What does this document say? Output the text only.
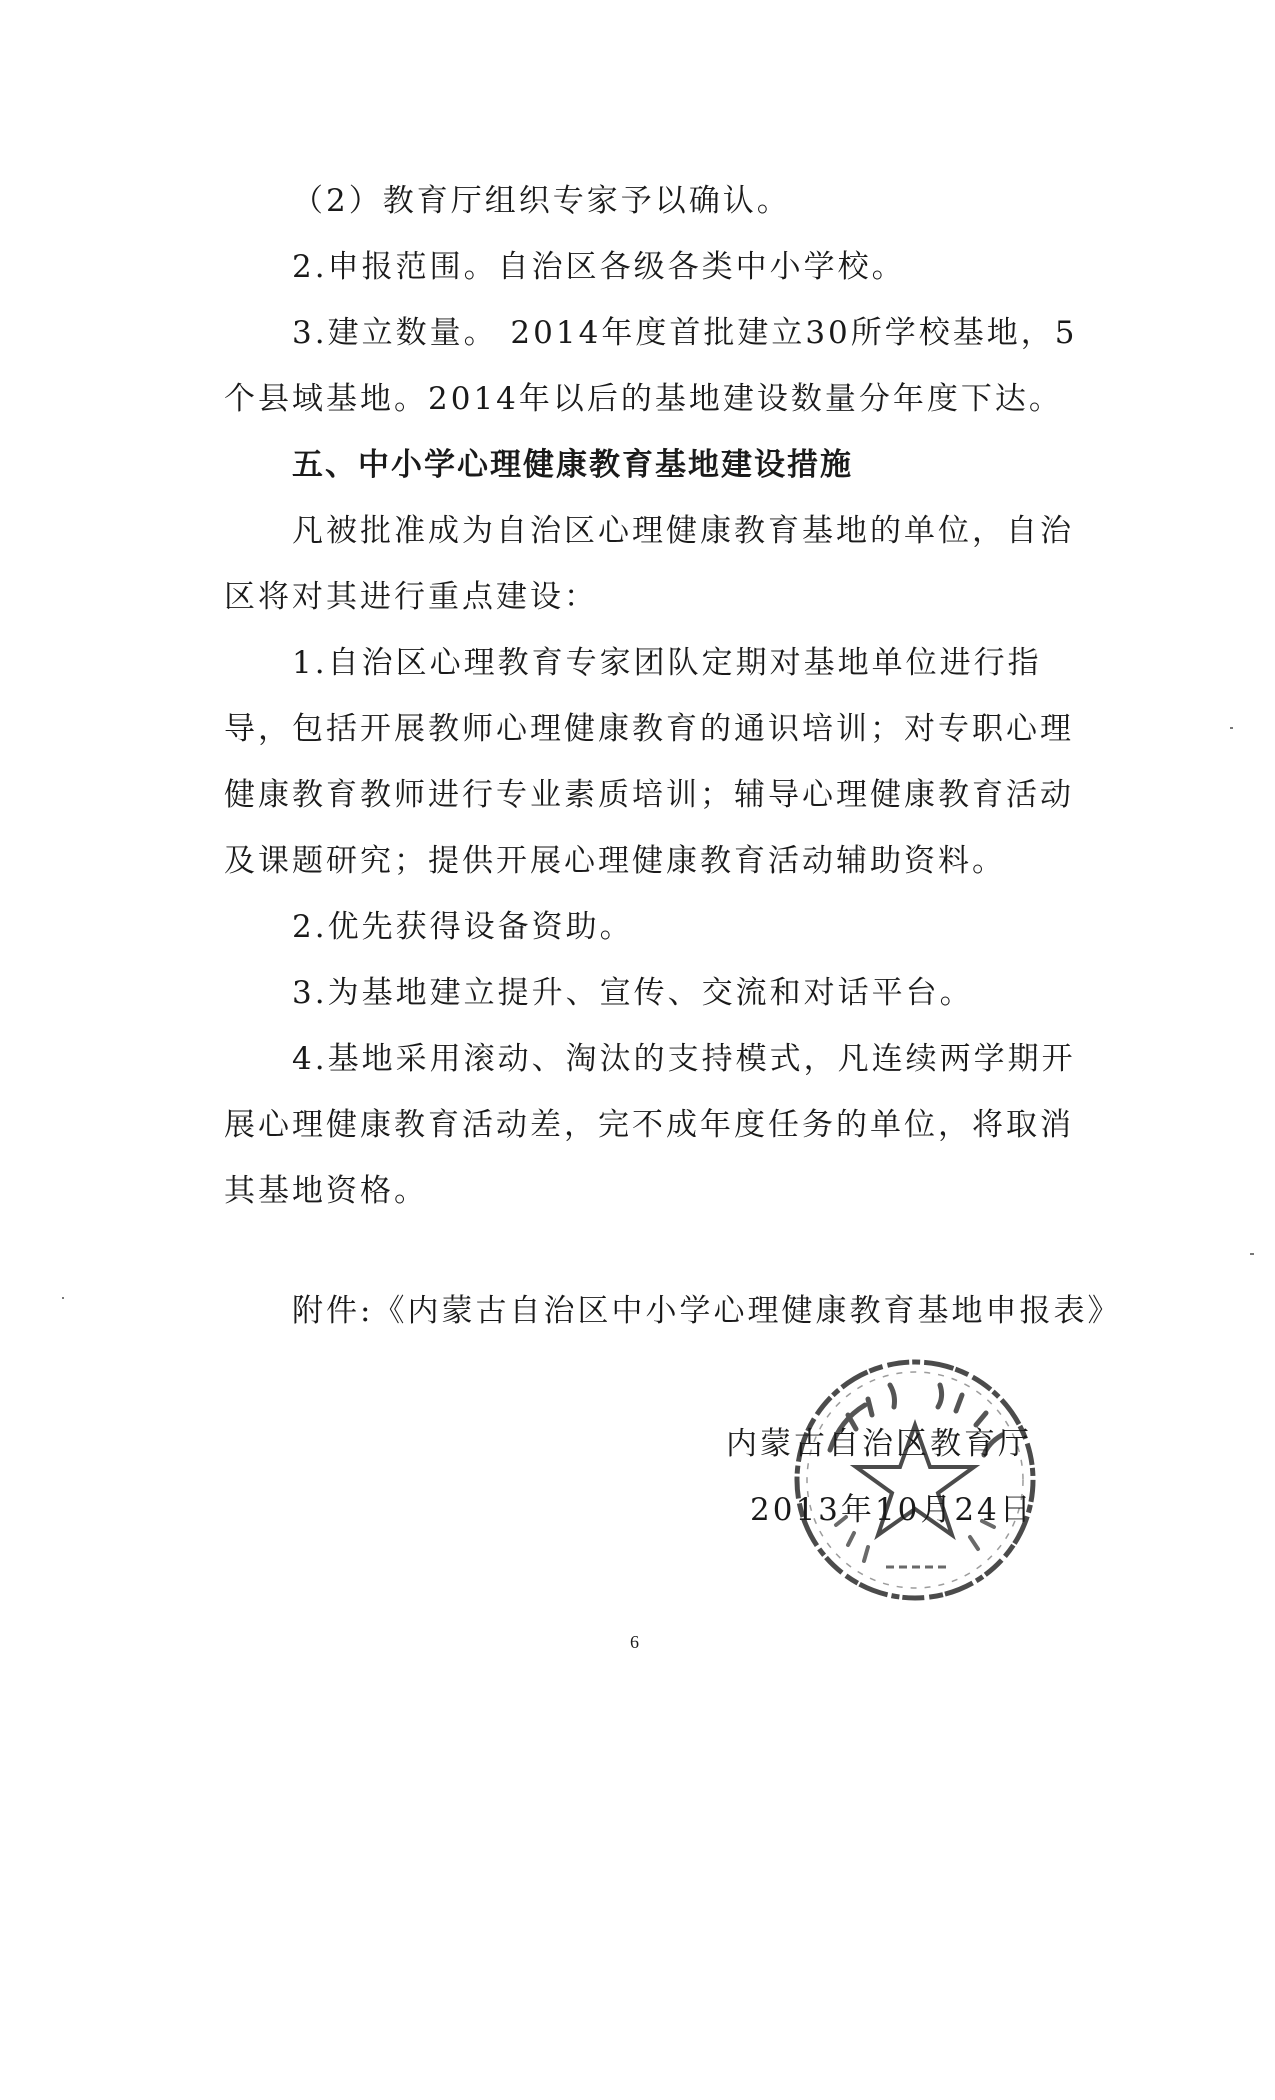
（2）教育厅组织专家予以确认。

2.申报范围。自治区各级各类中小学校。

3.建立数量。 2014年度首批建立30所学校基地，5个县域基地。2014年以后的基地建设数量分年度下达。

五、中小学心理健康教育基地建设措施

凡被批准成为自治区心理健康教育基地的单位，自治区将对其进行重点建设：

1.自治区心理教育专家团队定期对基地单位进行指导，包括开展教师心理健康教育的通识培训；对专职心理健康教育教师进行专业素质培训；辅导心理健康教育活动及课题研究；提供开展心理健康教育活动辅助资料。

2.优先获得设备资助。

3.为基地建立提升、宣传、交流和对话平台。

4.基地采用滚动、淘汰的支持模式，凡连续两学期开展心理健康教育活动差，完不成年度任务的单位，将取消其基地资格。

附件:《内蒙古自治区中小学心理健康教育基地申报表》
内蒙古自治区教育厅
2013年10月24日
6
